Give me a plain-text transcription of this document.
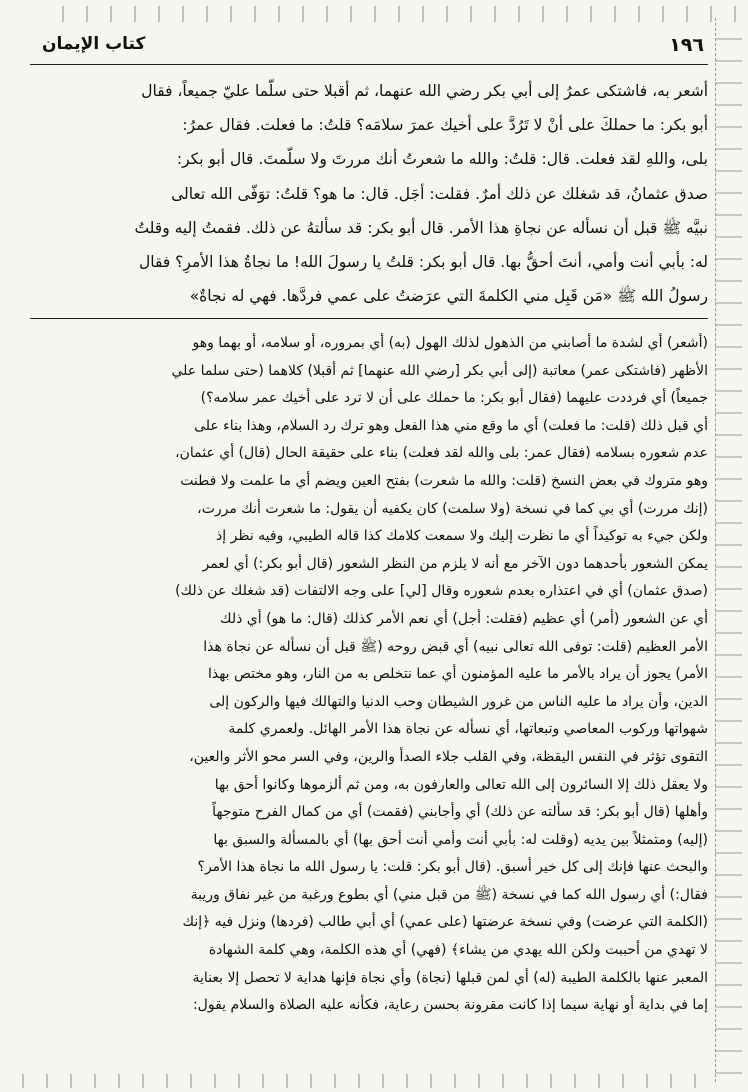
١٩٦
كتاب الإيمان
أشعر به، فاشتكى عمرُ إلى أبي بكر رضي الله عنهما، ثم أقبلا حتى سلّما عليّ جميعاً، فقال
أبو بكر: ما حملكَ على أنْ لا تَرُدَّ على أخيك عمرَ سلامَه؟ قلتُ: ما فعلت. فقال عمرُ:
بلى، واللهِ لقد فعلت. قال: قلتُ: والله ما شعرتُ أنك مررتَ ولا سلّمتَ. قال أبو بكر:
صدق عثمانُ، قد شغلك عن ذلك أمرٌ. فقلت: أجَل. قال: ما هو؟ قلتُ: توَفّى الله تعالى
نبيَّه ﷺ قبل أن نسأله عن نجاةِ هذا الأمر. قال أبو بكر: قد سألتهُ عن ذلك. فقمتُ إليه وقلتُ
له: بأبي أنت وأمي، أنتَ أحقُّ بها. قال أبو بكر: قلتُ يا رسولَ الله! ما نجاةُ هذا الأمرِ؟ فقال
رسولُ الله ﷺ «مَن قَبِل مني الكلمةَ التي عرَضتُ على عمي فردَّها. فهي له نجاةٌ»
(أشعر) أي لشدة ما أصابني من الذهول لذلك الهول (به) أي بمروره، أو سلامه، أو بهما وهو
الأظهر (فاشتكى عمر) معاتبة (إلى أبي بكر [رضي الله عنهما] ثم أقبلا) كلاهما (حتى سلما علي
جميعاً) أي فرددت عليهما (فقال أبو بكر: ما حملك على أن لا ترد على أخيك عمر سلامه؟)
أي قبل ذلك (قلت: ما فعلت) أي ما وقع مني هذا الفعل وهو ترك رد السلام، وهذا بناء على
عدم شعوره بسلامه (فقال عمر: بلى والله لقد فعلت) بناء على حقيقة الحال (قال) أي عثمان،
وهو متروك في بعض النسخ (قلت: والله ما شعرت) بفتح العين ويضم أي ما علمت ولا فطنت
(إنك مررت) أي بي كما في نسخة (ولا سلمت) كان يكفيه أن يقول: ما شعرت أنك مررت،
ولكن جيء به توكيداً أي ما نظرت إليك ولا سمعت كلامك كذا قاله الطيبي، وفيه نظر إذ
يمكن الشعور بأحدهما دون الآخر مع أنه لا يلزم من النظر الشعور (قال أبو بكر:) أي لعمر
(صدق عثمان) أي في اعتذاره بعدم شعوره وقال [لي] على وجه الالتفات (قد شغلك عن ذلك)
أي عن الشعور (أمر) أي عظيم (فقلت: أجل) أي نعم الأمر كذلك (قال: ما هو) أي ذلك
الأمر العظيم (قلت: توفى الله تعالى نبيه) أي قبض روحه (ﷺ قبل أن نسأله عن نجاة هذا
الأمر) يجوز أن يراد بالأمر ما عليه المؤمنون أي عما نتخلص به من النار، وهو مختص بهذا
الدين، وأن يراد ما عليه الناس من غرور الشيطان وحب الدنيا والتهالك فيها والركون إلى
شهواتها وركوب المعاصي وتبعاتها، أي نسأله عن نجاة هذا الأمر الهائل. ولعمري كلمة
التقوى تؤثر في النفس اليقظة، وفي القلب جلاء الصدأ والرين، وفي السر محو الأثر والعين،
ولا يعقل ذلك إلا السائرون إلى الله تعالى والعارفون به، ومن ثم ألزموها وكانوا أحق بها
وأهلها (قال أبو بكر: قد سألته عن ذلك) أي وأجابني (فقمت) أي من كمال الفرح متوجهاً
(إليه) ومتمثلاً بين يديه (وقلت له: بأبي أنت وأمي أنت أحق بها) أي بالمسألة والسبق بها
والبحث عنها فإنك إلى كل خير أسبق. (قال أبو بكر: قلت: يا رسول الله ما نجاة هذا الأمر؟
فقال:) أي رسول الله كما في نسخة (ﷺ من قبل مني) أي بطوع ورغبة من غير نفاق وريبة
(الكلمة التي عرضت) وفي نسخة عرضتها (على عمي) أي أبي طالب (فردها) ونزل فيه ﴿إنك
لا تهدي من أحببت ولكن الله يهدي من يشاء﴾ (فهي) أي هذه الكلمة، وهي كلمة الشهادة
المعبر عنها بالكلمة الطيبة (له) أي لمن قبلها (نجاة) وأي نجاة فإنها هداية لا تحصل إلا بعناية
إما في بداية أو نهاية سيما إذا كانت مقرونة بحسن رعاية، فكأنه عليه الصلاة والسلام يقول:
